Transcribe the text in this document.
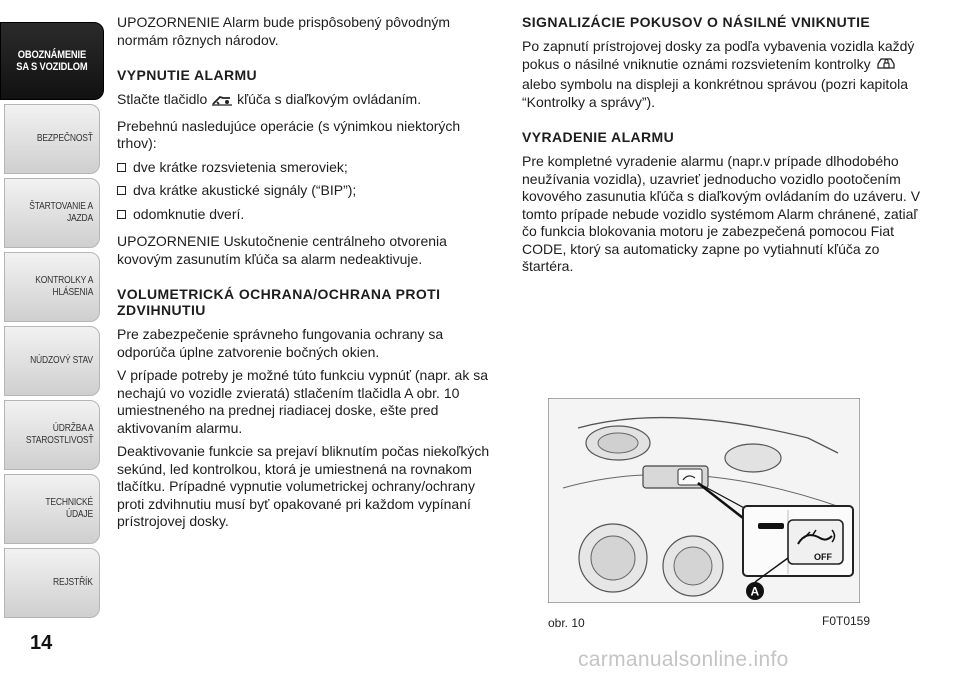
OBOZNÁMENIE
SA S VOZIDLOM
BEZPEČNOSŤ
ŠTARTOVANIE A
JAZDA
KONTROLKY A
HLÁSENIA
NÚDZOVÝ STAV
ÚDRŽBA A
STAROSTLIVOSŤ
TECHNICKÉ ÚDAJE
REJSTŘÍK
14

UPOZORNENIE Alarm bude prispôsobený pôvodným normám rôznych národov.

VYPNUTIE ALARMU

Stlačte tlačidlo kľúča s diaľkovým ovládaním.

Prebehnú nasledujúce operácie (s výnimkou niektorých trhov):

dve krátke rozsvietenia smeroviek;
dva krátke akustické signály (“BIP”);
odomknutie dverí.

UPOZORNENIE Uskutočnenie centrálneho otvorenia kovovým zasunutím kľúča sa alarm nedeaktivuje.

VOLUMETRICKÁ OCHRANA/OCHRANA PROTI ZDVIHNUTIU

Pre zabezpečenie správneho fungovania ochrany sa odporúča úplne zatvorenie bočných okien.

V prípade potreby je možné túto funkciu vypnúť (napr. ak sa nechajú vo vozidle zvieratá) stlačením tlačidla A obr. 10 umiestneného na prednej riadiacej doske, ešte pred aktivovaním alarmu.

Deaktivovanie funkcie sa prejaví bliknutím počas niekoľkých sekúnd, led kontrolkou, ktorá je umiestnená na rovnakom tlačítku. Prípadné vypnutie volumetrickej ochrany/ochrany proti zdvihnutiu musí byť opakované pri každom vypínaní prístrojovej dosky.

SIGNALIZÁCIE POKUSOV O NÁSILNÉ VNIKNUTIE

Po zapnutí prístrojovej dosky za podľa vybavenia vozidla každý pokus o násilné vniknutie oznámi rozsvietením kontrolky  alebo symbolu na displeji a konkrétnou správou (pozri kapitola “Kontrolky a správy”).

VYRADENIE ALARMU

Pre kompletné vyradenie alarmu (napr.v prípade dlhodobého neužívania vozidla), uzavrieť jednoducho vozidlo pootočením kovového zasunutia kľúča s diaľkovým ovládaním do uzáveru. V tomto prípade nebude vozidlo systémom Alarm chránené, zatiaľ čo funkcia blokovania motoru je zabezpečená pomocou Fiat CODE, ktorý sa automaticky zapne po vytiahnutí kľúča zo štartéra.

OFF
A
obr. 10	F0T0159
carmanualsonline.info
